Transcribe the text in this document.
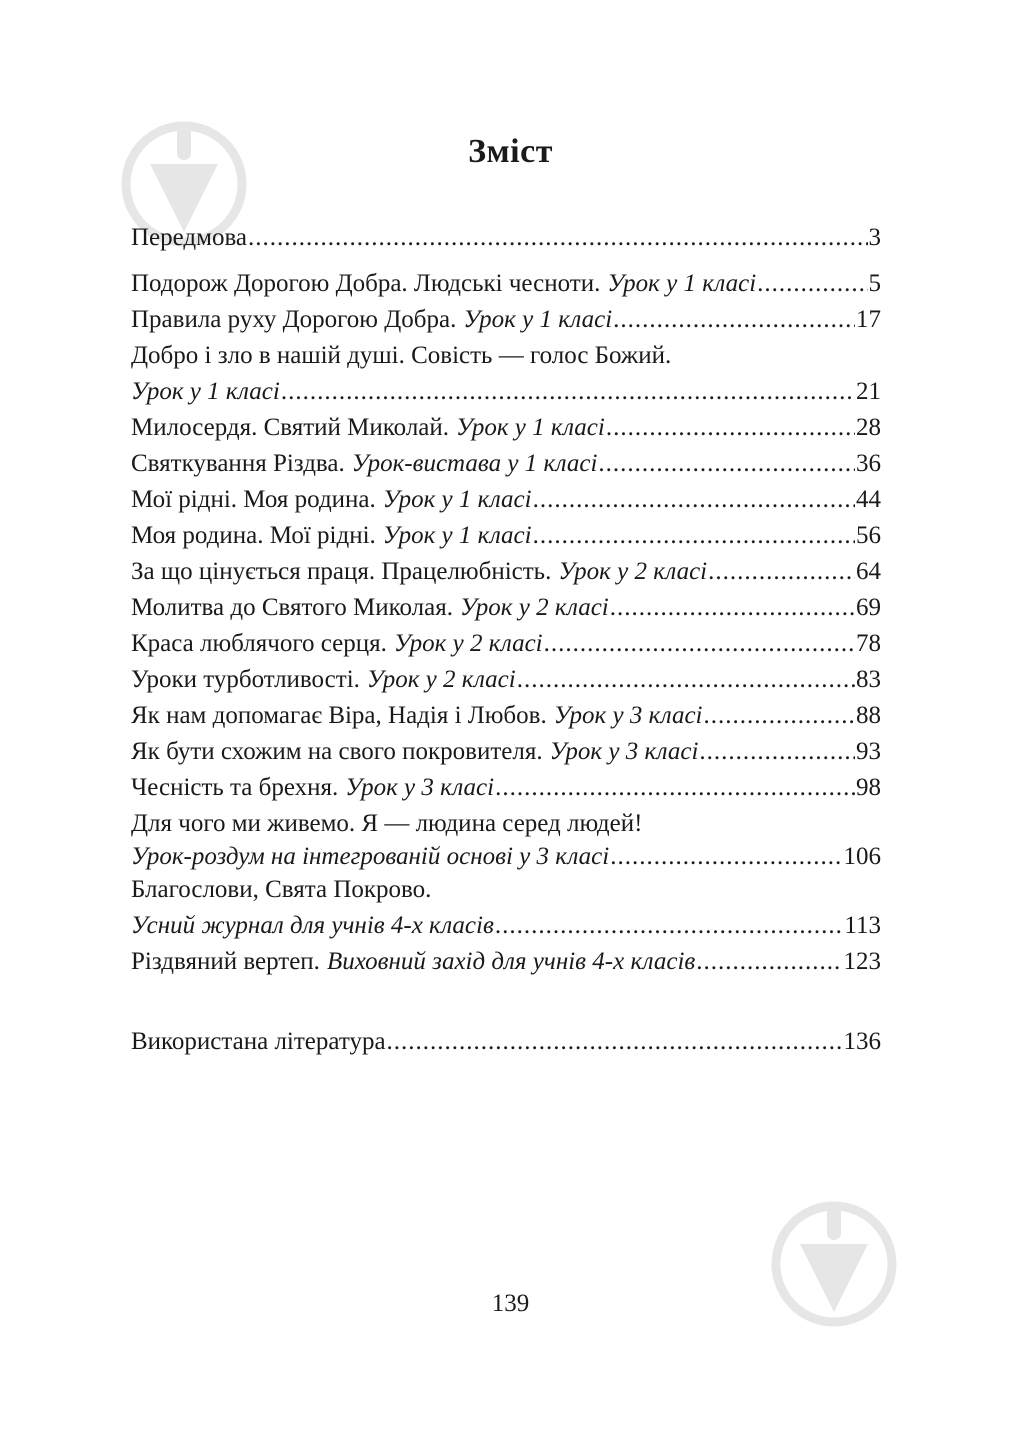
Зміст
Передмова .....	3
Подорож Дорогою Добра. Людські чесноти. Урок у 1 класі .....	5
Правила руху Дорогою Добра. Урок у 1 класі .....	17
Добро і зло в нашій душі. Совість — голос Божий.
Урок у 1 класі .....	21
Милосердя. Святий Миколай. Урок у 1 класі .....	28
Святкування Різдва. Урок-вистава у 1 класі .....	36
Мої рідні. Моя родина. Урок у 1 класі .....	44
Моя родина. Мої рідні. Урок у 1 класі .....	56
За що цінується праця. Працелюбність. Урок у 2 класі .....	64
Молитва до Святого Миколая. Урок у 2 класі .....	69
Краса люблячого серця. Урок у 2 класі .....	78
Уроки турботливості. Урок у 2 класі .....	83
Як нам допомагає Віра, Надія і Любов. Урок у 3 класі .....	88
Як бути схожим на свого покровителя. Урок у 3 класі .....	93
Чесність та брехня. Урок у 3 класі .....	98
Для чого ми живемо. Я — людина серед людей!
Урок-роздум на інтегрованій основі у 3 класі .....	106
Благослови, Свята Покрово.
Усний журнал для учнів 4-х класів .....	113
Різдвяний вертеп. Виховний захід для учнів 4-х класів .....	123
Використана література .....	136
139
